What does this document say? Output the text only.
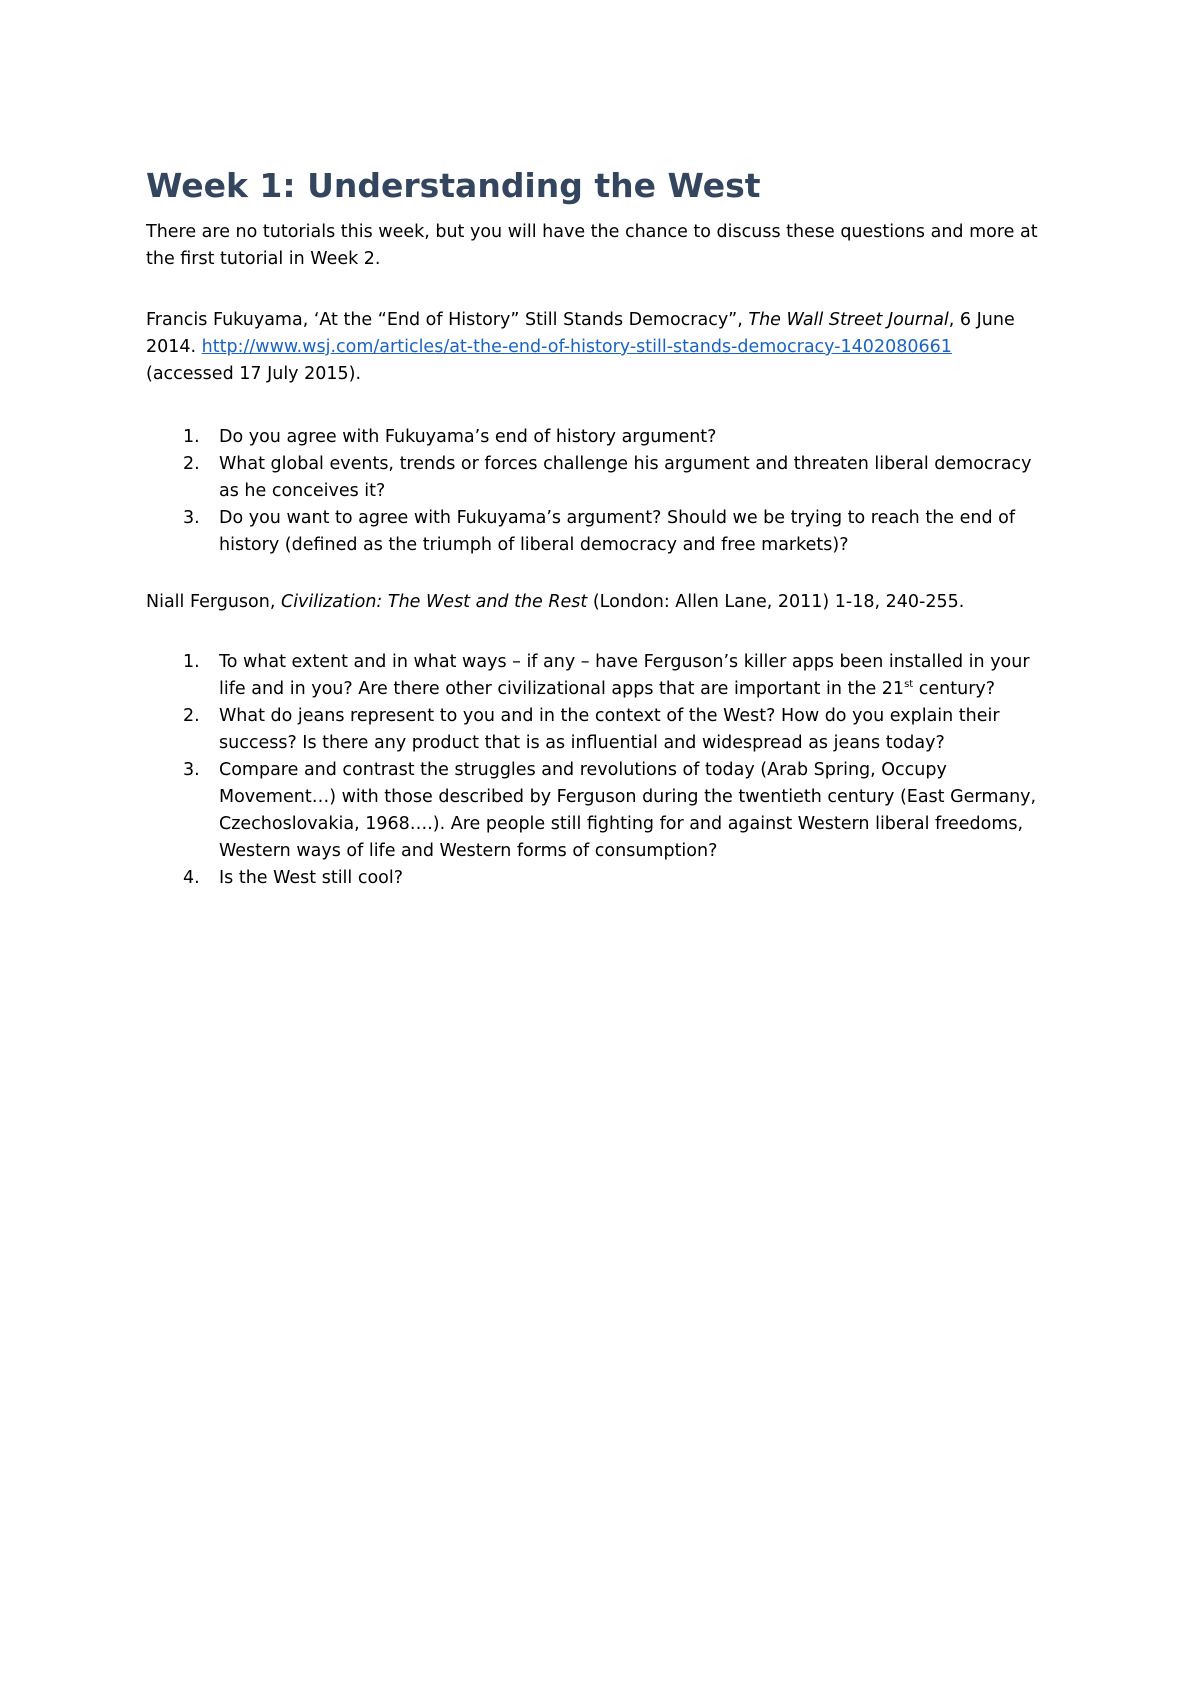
Week 1: Understanding the West

There are no tutorials this week, but you will have the chance to discuss these questions and more at
the first tutorial in Week 2.

Francis Fukuyama, ‘At the “End of History” Still Stands Democracy”, The Wall Street Journal, 6 June
2014. http://www.wsj.com/articles/at-the-end-of-history-still-stands-democracy-1402080661
(accessed 17 July 2015).

1. Do you agree with Fukuyama’s end of history argument?
2. What global events, trends or forces challenge his argument and threaten liberal democracy
as he conceives it?
3. Do you want to agree with Fukuyama’s argument? Should we be trying to reach the end of
history (defined as the triumph of liberal democracy and free markets)?

Niall Ferguson, Civilization: The West and the Rest (London: Allen Lane, 2011) 1-18, 240-255.

1. To what extent and in what ways – if any – have Ferguson’s killer apps been installed in your
life and in you? Are there other civilizational apps that are important in the 21st century?
2. What do jeans represent to you and in the context of the West? How do you explain their
success? Is there any product that is as influential and widespread as jeans today?
3. Compare and contrast the struggles and revolutions of today (Arab Spring, Occupy
Movement…) with those described by Ferguson during the twentieth century (East Germany,
Czechoslovakia, 1968….). Are people still fighting for and against Western liberal freedoms,
Western ways of life and Western forms of consumption?
4. Is the West still cool?
